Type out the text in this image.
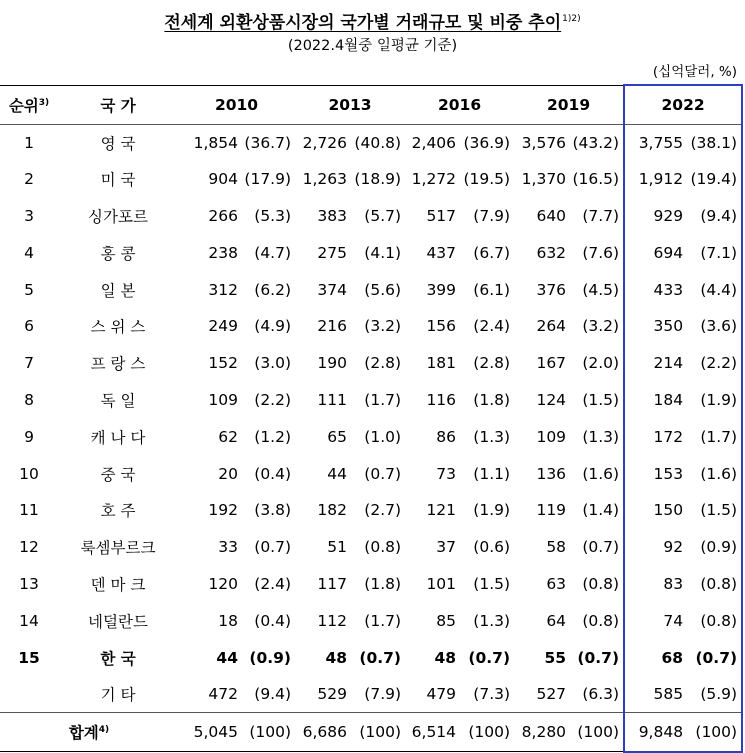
전세계 외환상품시장의 국가별 거래규모 및 비중 추이$^{1)2)}$
(2022.4월중 일평균 기준)
(십억달러, %)
순위$^{3)}$	국 가	2010		2013		2016		2019		2022	
1	영 국	1,854	(36.7)	2,726	(40.8)	2,406	(36.9)	3,576	(43.2)	3,755	(38.1)
2	미 국	904	(17.9)	1,263	(18.9)	1,272	(19.5)	1,370	(16.5)	1,912	(19.4)
3	싱가포르	266	(5.3)	383	(5.7)	517	(7.9)	640	(7.7)	929	(9.4)
4	홍 콩	238	(4.7)	275	(4.1)	437	(6.7)	632	(7.6)	694	(7.1)
5	일 본	312	(6.2)	374	(5.6)	399	(6.1)	376	(4.5)	433	(4.4)
6	스 위 스	249	(4.9)	216	(3.2)	156	(2.4)	264	(3.2)	350	(3.6)
7	프 랑 스	152	(3.0)	190	(2.8)	181	(2.8)	167	(2.0)	214	(2.2)
8	독 일	109	(2.2)	111	(1.7)	116	(1.8)	124	(1.5)	184	(1.9)
9	캐 나 다	62	(1.2)	65	(1.0)	86	(1.3)	109	(1.3)	172	(1.7)
10	중 국	20	(0.4)	44	(0.7)	73	(1.1)	136	(1.6)	153	(1.6)
11	호 주	192	(3.8)	182	(2.7)	121	(1.9)	119	(1.4)	150	(1.5)
12	룩셈부르크	33	(0.7)	51	(0.8)	37	(0.6)	58	(0.7)	92	(0.9)
13	덴 마 크	120	(2.4)	117	(1.8)	101	(1.5)	63	(0.8)	83	(0.8)
14	네덜란드	18	(0.4)	112	(1.7)	85	(1.3)	64	(0.8)	74	(0.8)
15	한 국	44	(0.9)	48	(0.7)	48	(0.7)	55	(0.7)	68	(0.7)
	기 타	472	(9.4)	529	(7.9)	479	(7.3)	527	(6.3)	585	(5.9)
합계$^{4)}$		5,045	(100)	6,686	(100)	6,514	(100)	8,280	(100)	9,848	(100)
